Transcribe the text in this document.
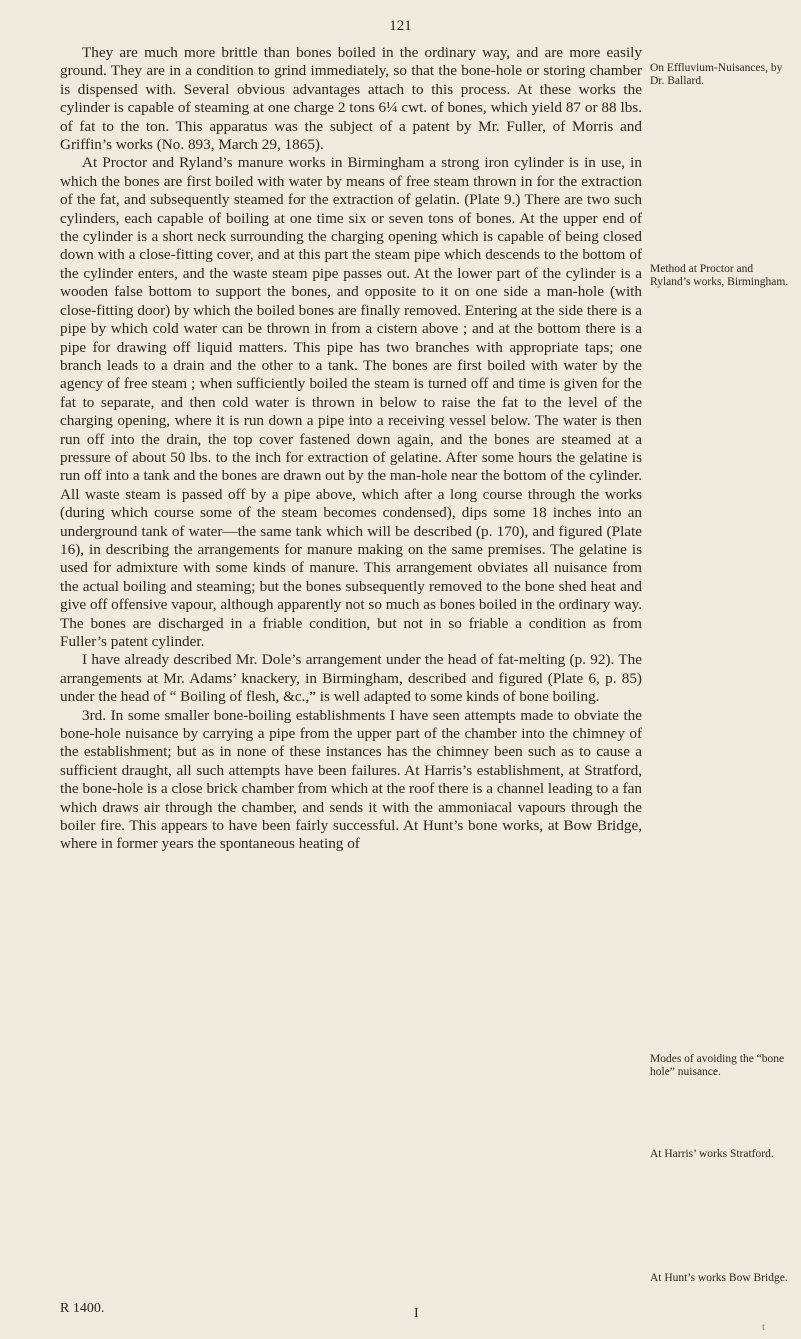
121

They are much more brittle than bones boiled in the ordinary way, and are more easily ground. They are in a condition to grind immediately, so that the bone-hole or storing chamber is dispensed with. Several obvious advantages attach to this process. At these works the cylinder is capable of steaming at one charge 2 tons 6¼ cwt. of bones, which yield 87 or 88 lbs. of fat to the ton. This apparatus was the subject of a patent by Mr. Fuller, of Morris and Griffin’s works (No. 893, March 29, 1865).

At Proctor and Ryland’s manure works in Birmingham a strong iron cylinder is in use, in which the bones are first boiled with water by means of free steam thrown in for the extraction of the fat, and subsequently steamed for the extraction of gelatin. (Plate 9.) There are two such cylinders, each capable of boiling at one time six or seven tons of bones. At the upper end of the cylinder is a short neck surrounding the charging opening which is capable of being closed down with a close-fitting cover, and at this part the steam pipe which descends to the bottom of the cylinder enters, and the waste steam pipe passes out. At the lower part of the cylinder is a wooden false bottom to support the bones, and opposite to it on one side a man-hole (with close-fitting door) by which the boiled bones are finally removed. Entering at the side there is a pipe by which cold water can be thrown in from a cistern above ; and at the bottom there is a pipe for drawing off liquid matters. This pipe has two branches with appropriate taps; one branch leads to a drain and the other to a tank. The bones are first boiled with water by the agency of free steam ; when sufficiently boiled the steam is turned off and time is given for the fat to separate, and then cold water is thrown in below to raise the fat to the level of the charging opening, where it is run down a pipe into a receiving vessel below. The water is then run off into the drain, the top cover fastened down again, and the bones are steamed at a pressure of about 50 lbs. to the inch for extraction of gelatine. After some hours the gelatine is run off into a tank and the bones are drawn out by the man-hole near the bottom of the cylinder. All waste steam is passed off by a pipe above, which after a long course through the works (during which course some of the steam becomes condensed), dips some 18 inches into an underground tank of water—the same tank which will be described (p. 170), and figured (Plate 16), in describing the arrangements for manure making on the same premises. The gelatine is used for admixture with some kinds of manure. This arrangement obviates all nuisance from the actual boiling and steaming; but the bones subsequently removed to the bone shed heat and give off offensive vapour, although apparently not so much as bones boiled in the ordinary way. The bones are discharged in a friable condition, but not in so friable a condition as from Fuller’s patent cylinder.

I have already described Mr. Dole’s arrangement under the head of fat-melting (p. 92). The arrangements at Mr. Adams’ knackery, in Birmingham, described and figured (Plate 6, p. 85) under the head of “ Boiling of flesh, &c.,” is well adapted to some kinds of bone boiling.

3rd. In some smaller bone-boiling establishments I have seen attempts made to obviate the bone-hole nuisance by carrying a pipe from the upper part of the chamber into the chimney of the establishment; but as in none of these instances has the chimney been such as to cause a sufficient draught, all such attempts have been failures. At Harris’s establishment, at Stratford, the bone-hole is a close brick chamber from which at the roof there is a channel leading to a fan which draws air through the chamber, and sends it with the ammoniacal vapours through the boiler fire. This appears to have been fairly successful. At Hunt’s bone works, at Bow Bridge, where in former years the spontaneous heating of

On Effluvium-Nuisances, by Dr. Ballard.
Method at Proctor and Ryland’s works, Birmingham.
Modes of avoiding the “bone hole” nuisance.
At Harris’ works Stratford.
At Hunt’s works Bow Bridge.
R 1400.	I
t
